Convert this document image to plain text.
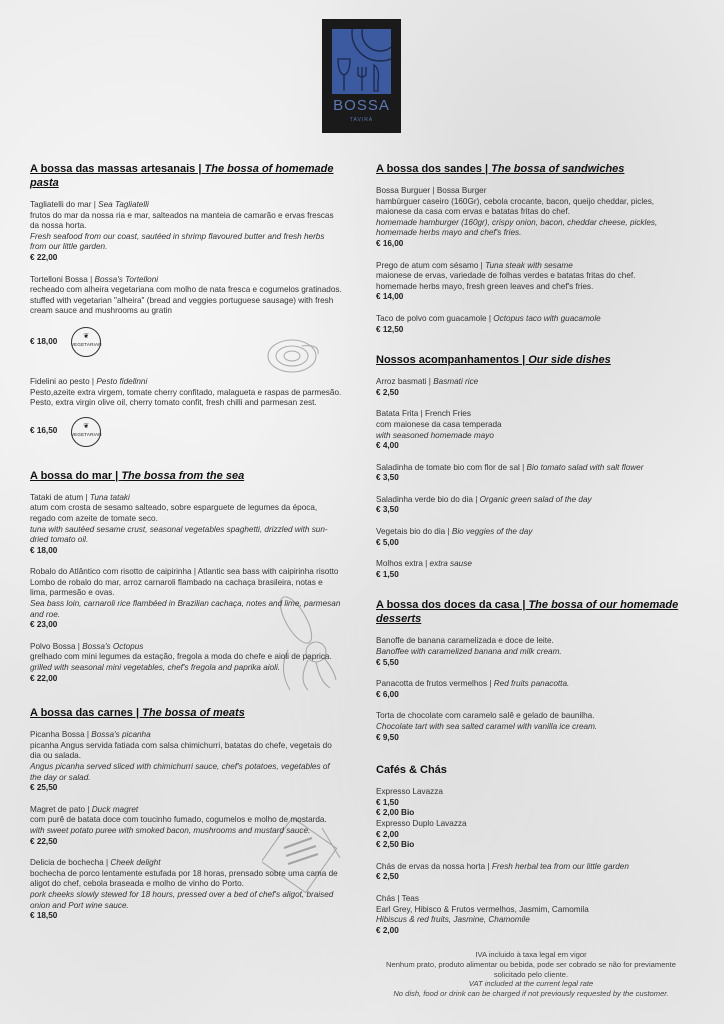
BOSSA
TAVIRA
A bossa das massas artesanais | The bossa of homemade pasta
Tagliatelli do mar | Sea Tagliatelli
frutos do mar da nossa ria e mar, salteados na manteia de camarão e ervas frescas da nossa horta.
Fresh seafood from our coast, sautéed in shrimp flavoured butter and fresh herbs from our little garden.
€ 22,00
Tortelloni Bossa | Bossa's Tortelloni
recheado com alheira vegetariana com molho de nata fresca e cogumelos gratinados.
stuffed with vegetarian "alheira" (bread and veggies portuguese sausage) with fresh cream sauce and mushrooms au gratin
€ 18,00	❦
VEGETARIAN
Fidelini ao pesto | Pesto fidellnni
Pesto,azeite extra virgem, tomate cherry confitado, malagueta e raspas de parmesão.
Pesto, extra virgin olive oil, cherry tomato confit, fresh chilli and parmesan zest.
€ 16,50	❦
VEGETARIAN
A bossa do mar | The bossa from the sea
Tataki de atum | Tuna tataki
atum com crosta de sesamo salteado, sobre esparguete de legumes da época, regado com azeite de tomate seco.
tuna with sautéed sesame crust, seasonal vegetables spaghetti, drizzled with sun-dried tomato oil.
€ 18,00
Robalo do Atlântico com risotto de caipirinha | Atlantic sea bass with caipirinha risotto
Lombo de robalo do mar, arroz carnaroli flambado na cachaça brasileira, notas e lima, parmesão e ovas.
Sea bass loin, carnaroli rice flambéed in Brazilian cachaça, notes and lime, parmesan and roe.
€ 23,00
Polvo Bossa | Bossa's Octopus
grelhado com mini legumes da estação, fregola a moda do chefe e aioli de paprica.
grilled with seasonal mini vegetables, chef's fregola and paprika aioli.
€ 22,00
A bossa das carnes | The bossa of meats
Picanha Bossa | Bossa's picanha
picanha Angus servida fatiada com salsa chimichurri, batatas do chefe, vegetais do dia ou salada.
Angus picanha served sliced with chimichurri sauce, chef's potatoes, vegetables of the day or salad.
€ 25,50
Magret de pato | Duck magret
com purê de batata doce com toucinho fumado, cogumelos e molho de mostarda.
with sweet potato puree with smoked bacon, mushrooms and mustard sauce.
€ 22,50
Delicia de bochecha | Cheek delight
bochecha de porco lentamente estufada por 18 horas, prensado sobre uma cama de aligot do chef, cebola braseada e molho de vinho do Porto.
pork cheeks slowly stewed for 18 hours, pressed over a bed of chef's aligot, braised onion and Port wine sauce.
€ 18,50
A bossa dos sandes | The bossa of sandwiches
Bossa Burguer | Bossa Burger
hambúrguer caseiro (160Gr), cebola crocante, bacon, queijo cheddar, picles, maionese da casa com ervas e batatas fritas do chef.
homemade hamburger (160gr), crispy onion, bacon, cheddar cheese, pickles, homemade herbs mayo and chef's fries.
€ 16,00
Prego de atum com sésamo | Tuna steak with sesame
maionese de ervas, variedade de folhas verdes e batatas fritas do chef.
homemade herbs mayo, fresh green leaves and chef's fries.
€ 14,00
Taco de polvo com guacamole | Octopus taco with guacamole
€ 12,50
Nossos acompanhamentos | Our side dishes
Arroz basmati | Basmati rice
€ 2,50
Batata Frita | French Fries
com maionese da casa temperada
with seasoned homemade mayo
€ 4,00
Saladinha de tomate bio com flor de sal | Bio tomato salad with salt flower
€ 3,50
Saladinha verde bio do dia | Organic green salad of the day
€ 3,50
Vegetais bio do dia | Bio veggies of the day
€ 5,00
Molhos extra | extra sause
€ 1,50
A bossa dos doces da casa | The bossa of our homemade desserts
Banoffe de banana caramelizada e doce de leite.
Banoffee with caramelized banana and milk cream.
€ 5,50
Panacotta de frutos vermelhos | Red fruits panacotta.
€ 6,00
Torta de chocolate com caramelo salê e gelado de baunilha.
Chocolate tart with sea salted caramel with vanilla ice cream.
€ 9,50
Cafés & Chás
Expresso Lavazza
€ 1,50
€ 2,00 Bio
Expresso Duplo Lavazza
€ 2,00
€ 2,50 Bio
Chás de ervas da nossa horta | Fresh herbal tea from our little garden
€ 2,50
Chás | Teas
Earl Grey, Hibisco & Frutos vermelhos, Jasmim, Camomila
Hibiscus & red fruits, Jasmine, Chamomile
€ 2,00
IVA incluido à taxa legal em vigor
Nenhum prato, produto alimentar ou bebida, pode ser cobrado se não for previamente solicitado pelo cliente.
VAT included at the current legal rate
No dish, food or drink can be charged if not previously requested by the customer.
